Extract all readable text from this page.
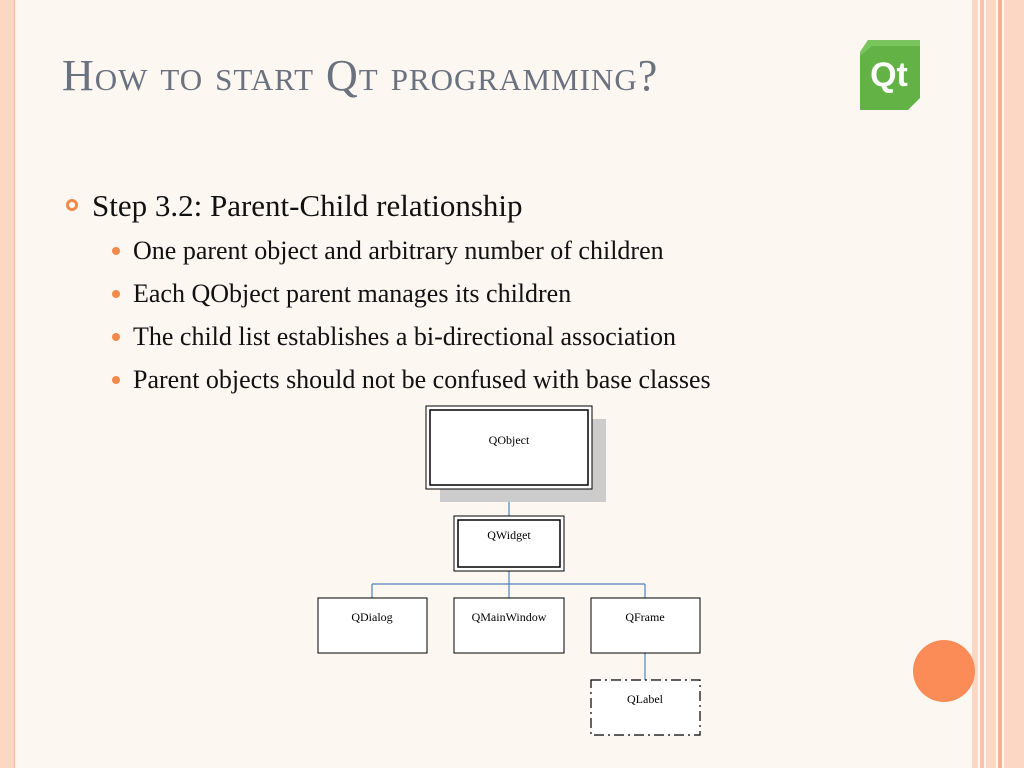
How to start Qt programming?	Qt
Step 3.2: Parent-Child relationship
One parent object and arbitrary number of children
Each QObject parent manages its children
The child list establishes a bi-directional association
Parent objects should not be confused with base classes
QObject
QWidget
QDialog	QMainWindow	QFrame
QLabel
